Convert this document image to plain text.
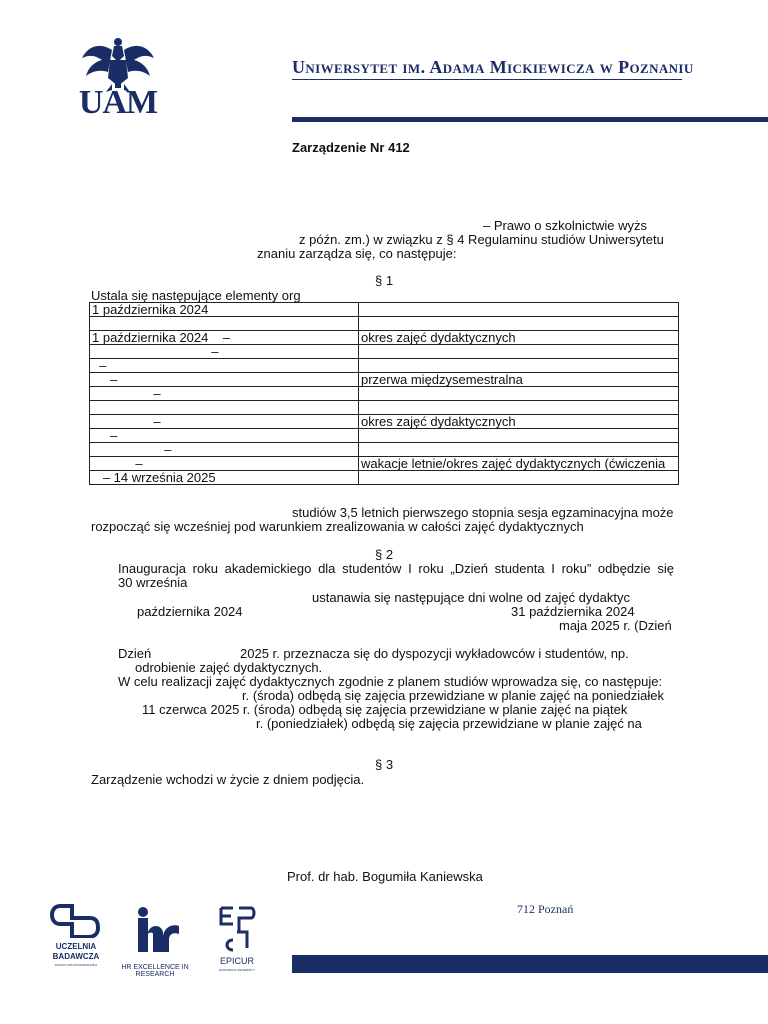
UAM
Uniwersytet im. Adama Mickiewicza w Poznaniu
Zarządzenie Nr 412
– Prawo o szkolnictwie wyżs
z późn. zm.) w związku z § 4 Regulaminu studiów Uniwersytetu
znaniu zarządza się, co następuje:
§ 1
Ustala się następujące elementy org
1 października 2024	

1 października 2024    –	okres zajęć dydaktycznych
–	
–	
–	przerwa międzysemestralna
–	

–	okres zajęć dydaktycznych
–	
–	
–	wakacje letnie/okres zajęć dydaktycznych (ćwiczenia
– 14 września 2025	
studiów 3,5 letnich pierwszego stopnia sesja egzaminacyjna może
rozpocząć się wcześniej pod warunkiem zrealizowania w całości zajęć dydaktycznych
§ 2
Inauguracja roku akademickiego dla studentów I roku „Dzień studenta I roku” odbędzie się
30 września
ustanawia się następujące dni wolne od zajęć dydaktyc
października 2024	31 października 2024
maja 2025 r. (Dzień
Dzień	2025 r. przeznacza się do dyspozycji wykładowców i studentów, np.
odrobienie zajęć dydaktycznych.
W celu realizacji zajęć dydaktycznych zgodnie z planem studiów wprowadza się, co następuje:
r. (środa) odbędą się zajęcia przewidziane w planie zajęć na poniedziałek
11 czerwca 2025 r. (środa) odbędą się zajęcia przewidziane w planie zajęć na piątek
r. (poniedziałek) odbędą się zajęcia przewidziane w planie zajęć na
§ 3
Zarządzenie wchodzi w życie z dniem podjęcia.
Prof. dr hab. Bogumiła Kaniewska
UCZELNIA
BADAWCZA
INICJATYWA DOSKONAŁOŚCI	HR EXCELLENCE IN RESEARCH
EPICUR
EUROPEAN UNIVERSITY
712 Poznań
